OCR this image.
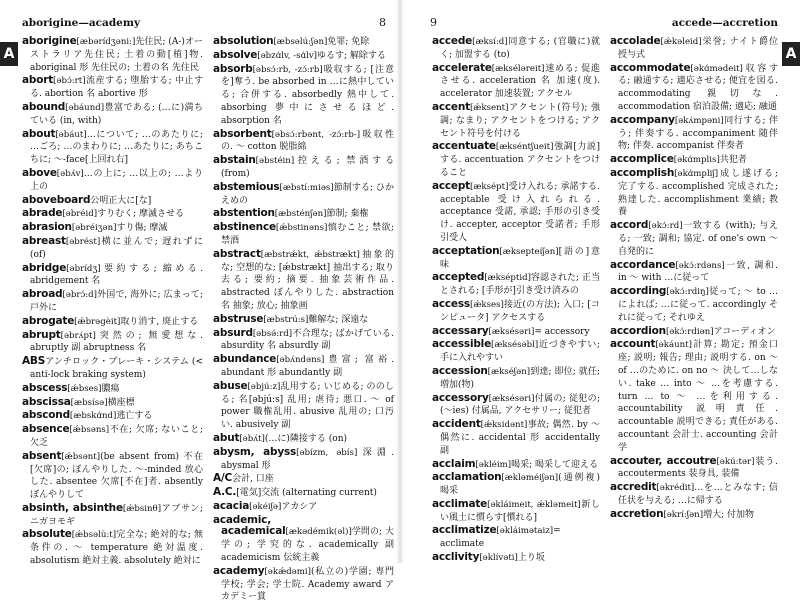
aborigine—academy	8
A

aborigine[æbərídʒəni:]先住民; (A-)オーストラリア先住民; 土着の動[植]物. aboriginal 形 先住民の; 土着の名 先住民

abort[əbɔ́:rt]流産する; 堕胎する; 中止する. abortion 名 abortive 形

abound[əbáund]豊富である; (…に)満ちている (in, with)

about[əbáut]…について; …のあたりに; …ごろ; …のまわりに; …あたりに; あちこちに; ～-face[上回れ右]

above[əbʌ́v]…の上に; …以上の; …より上の

aboveboard公明正大に[な]

abrade[əbréid]すりむく; 摩滅させる

abrasion[əbréiʒən]すり傷; 摩滅

abreast[əbrést]横に並んで; 遅れずに (of)

abridge[əbrídʒ]要約する; 縮める. abridgement 名

abroad[əbrɔ́:d]外国で, 海外に; 広まって; 戸外に

abrogate[ǽbrəgèit]取り消す, 廃止する

abrupt[əbrʌ́pt]突然の; 無愛想な. abruptly 副 abruptness 名

ABSアンチロック・ブレーキ・システム (< anti-lock braking system)

abscess[ǽbses]膿瘍

abscissa[æbsísə]横座標

abscond[æbskɑ́nd]逃亡する

absence[ǽbsəns]不在; 欠席; ないこと; 欠乏

absent[ǽbsənt](be absent from) 不在[欠席]の; ぼんやりした. ～-minded 放心した. absentee 欠席[不在]者. absently ぼんやりして

absinth, absinthe[ǽbsinθ]アブサン; ニガヨモギ

absolute[ǽbsəlù:t]完全な; 絶対的な; 無条件の. ～ temperature 絶対温度. absolutism 絶対主義. absolutely 絶対に

absolution[æbsəlú:ʃən]免罪; 免除

absolve[əbzɑ́lv, -sɑ́lv]ゆるす; 解除する

absorb[əbsɔ́:rb, -zɔ́:rb]吸収する; [注意を]奪う. be absorbed in …に熱中している; 合併する. absorbedly 熱中して. absorbing 夢中にさせるほど. absorption 名

absorbent[əbsɔ́:rbənt, -zɔ́:rb-]吸収性の. ～ cotton 脱脂綿

abstain[əbstéin]控える; 禁酒する (from)

abstemious[æbstí:miəs]節制する; ひかえめの

abstention[æbsténʃən]節制; 棄権

abstinence[ǽbstinəns]慎むこと; 禁欲; 禁酒

abstract[æbstrǽkt, ǽbstrækt]抽象的な; 空想的な; [ǽbstrækt] 抽出する; 取り去る; 要約; 摘要. 抽象芸術作品. abstracted ぼんやりした. abstraction 名 抽象; 放心; 抽象画

abstruse[æbstrú:s]難解な; 深遠な

absurd[əbsə́:rd]不合理な; ばかげている. absurdity 名 absurdly 副

abundance[əbʌ́ndəns]豊富; 富裕. abundant 形 abundantly 副

abuse[əbjú:z]乱用する; いじめる; ののしる; 名[əbjú:s] 乱用; 虐待; 悪口. ～ of power 職権乱用. abusive 乱用の; 口汚い. abusively 副

abut[əbʌ́t](…に)隣接する (on)

abysm, abyss[əbízm, əbís]深淵. abysmal 形

A/C会計, 口座

A.C.[電気]交流 (alternating current)

acacia[əkéiʃə]アカシア

academic, academical[ækədémik(əl)]学問の; 大学の; 学究的な. academically 副 academicism 伝統主義

academy[əkǽdəmi](私立の)学園; 専門学校; 学会; 学士院. Academy award アカデミー賞

9	accede—accretion
A

accede[æksí:d]同意する; (官職に)就く; 加盟する (to)

accelerate[ækséləreit]速める; 促進させる. acceleration 名 加速(度). accelerator 加速装置; アクセル

accent[ǽksent]アクセント(符号); 強調; なまり; アクセントをつける; アクセント符号を付ける

accentuate[ækséntʃueit]強調[力説]する. accentuation アクセントをつけること

accept[æksépt]受け入れる; 承諾する. acceptable 受け入れられる. acceptance 受諾, 承認; 手形の引き受け. accepter, acceptor 受諾者; 手形引受人

acceptation[æksepteíʃən][語の]意味

accepted[ækséptid]容認された; 正当とされる; [手形が]引き受け済みの

access[ǽkses]接近(の方法); 入口; [コンピュータ] アクセスする

accessary[æksésəri]= accessory

accessible[æksésəbl]近づきやすい; 手に入れやすい

accession[ækséʃən]到達; 即位; 就任; 増加(物)

accessory[æksésəri]付属の; 従犯の; (～ies) 付属品, アクセサリー; 従犯者

accident[ǽksidənt]事故; 偶然. by ～ 偶然に. accidental 形 accidentally 副

acclaim[əkléim]喝采; 喝采して迎える

acclamation[ækləméiʃən](通例複)喝采

acclimate[əkláimeit, ǽkləmeit]新しい風土に慣らす[慣れる]

acclimatize[əkláimətaiz]= acclimate

acclivity[əklívəti]上り坂

accolade[ǽkəleid]栄誉; ナイト爵位授与式

accommodate[əkɑ́mədeit]収容する; 融通する; 適応させる; 便宜を図る. accommodating 親切な. accommodation 宿泊設備; 適応; 融通

accompany[əkʌ́mpəni]同行する; 伴う; 伴奏する. accompaniment 随伴物; 伴奏. accompanist 伴奏者

accomplice[əkɑ́mplis]共犯者

accomplish[əkɑ́mpliʃ]成し遂げる; 完了する. accomplished 完成された; 熟達した. accomplishment 業績; 教養

accord[əkɔ́:rd]一致する (with); 与える; 一致; 調和; 協定. of one's own ～ 自発的に

accordance[əkɔ́:rdəns]一致, 調和. in ～ with …に従って

according[əkɔ́:rdiŋ]従って; ～ to …によれば; …に従って. accordingly それに従って; それゆえ

accordion[əkɔ́:rdiən]アコーディオン

account[əkáunt]計算; 勘定; 預金口座; 説明; 報告; 理由; 説明する. on ～ of …のために. on no ～ 決して…しない. take … into ～ …を考慮する. turn … to ～ …を利用する. accountability 説明責任. accountable 説明できる; 責任がある. accountant 会計士. accounting 会計学

accouter, accoutre[əkú:tər]装う. accouterments 装身具, 装備

accredit[əkrédit]…を…とみなす; 信任状を与える; …に帰する

accretion[əkrí:ʃən]増大; 付加物
